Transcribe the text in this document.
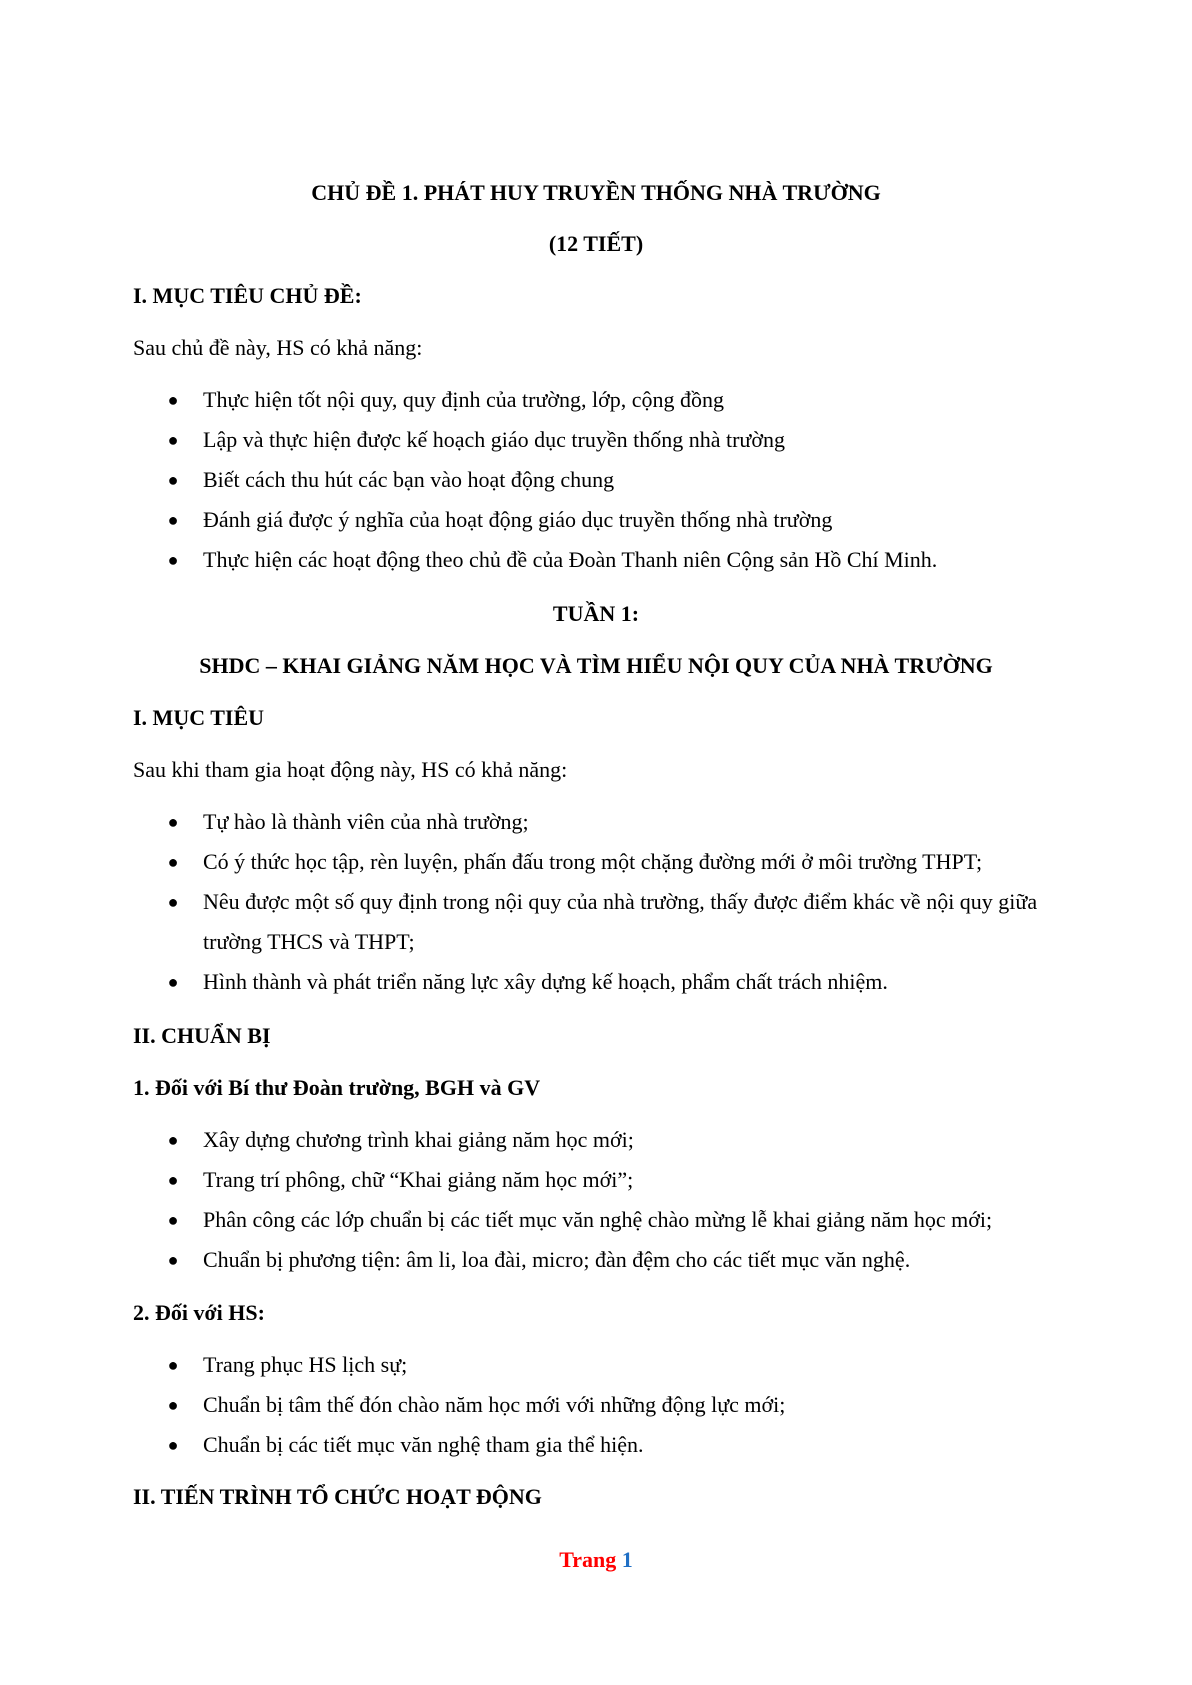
CHỦ ĐỀ 1. PHÁT HUY TRUYỀN THỐNG NHÀ TRƯỜNG
(12 TIẾT)
I. MỤC TIÊU CHỦ ĐỀ:
Sau chủ đề này, HS có khả năng:
● Thực hiện tốt nội quy, quy định của trường, lớp, cộng đồng
● Lập và thực hiện được kế hoạch giáo dục truyền thống nhà trường
● Biết cách thu hút các bạn vào hoạt động chung
● Đánh giá được ý nghĩa của hoạt động giáo dục truyền thống nhà trường
● Thực hiện các hoạt động theo chủ đề của Đoàn Thanh niên Cộng sản Hồ Chí Minh.
TUẦN 1:
SHDC – KHAI GIẢNG NĂM HỌC VÀ TÌM HIỂU NỘI QUY CỦA NHÀ TRƯỜNG
I. MỤC TIÊU
Sau khi tham gia hoạt động này, HS có khả năng:
● Tự hào là thành viên của nhà trường;
● Có ý thức học tập, rèn luyện, phấn đấu trong một chặng đường mới ở môi trường THPT;
● Nêu được một số quy định trong nội quy của nhà trường, thấy được điểm khác về nội quy giữa
trường THCS và THPT;
● Hình thành và phát triển năng lực xây dựng kế hoạch, phẩm chất trách nhiệm.
II. CHUẨN BỊ
1. Đối với Bí thư Đoàn trường, BGH và GV
● Xây dựng chương trình khai giảng năm học mới;
● Trang trí phông, chữ “Khai giảng năm học mới”;
● Phân công các lớp chuẩn bị các tiết mục văn nghệ chào mừng lễ khai giảng năm học mới;
● Chuẩn bị phương tiện: âm li, loa đài, micro; đàn đệm cho các tiết mục văn nghệ.
2. Đối với HS:
● Trang phục HS lịch sự;
● Chuẩn bị tâm thế đón chào năm học mới với những động lực mới;
● Chuẩn bị các tiết mục văn nghệ tham gia thể hiện.
II. TIẾN TRÌNH TỔ CHỨC HOẠT ĐỘNG
Trang 1
